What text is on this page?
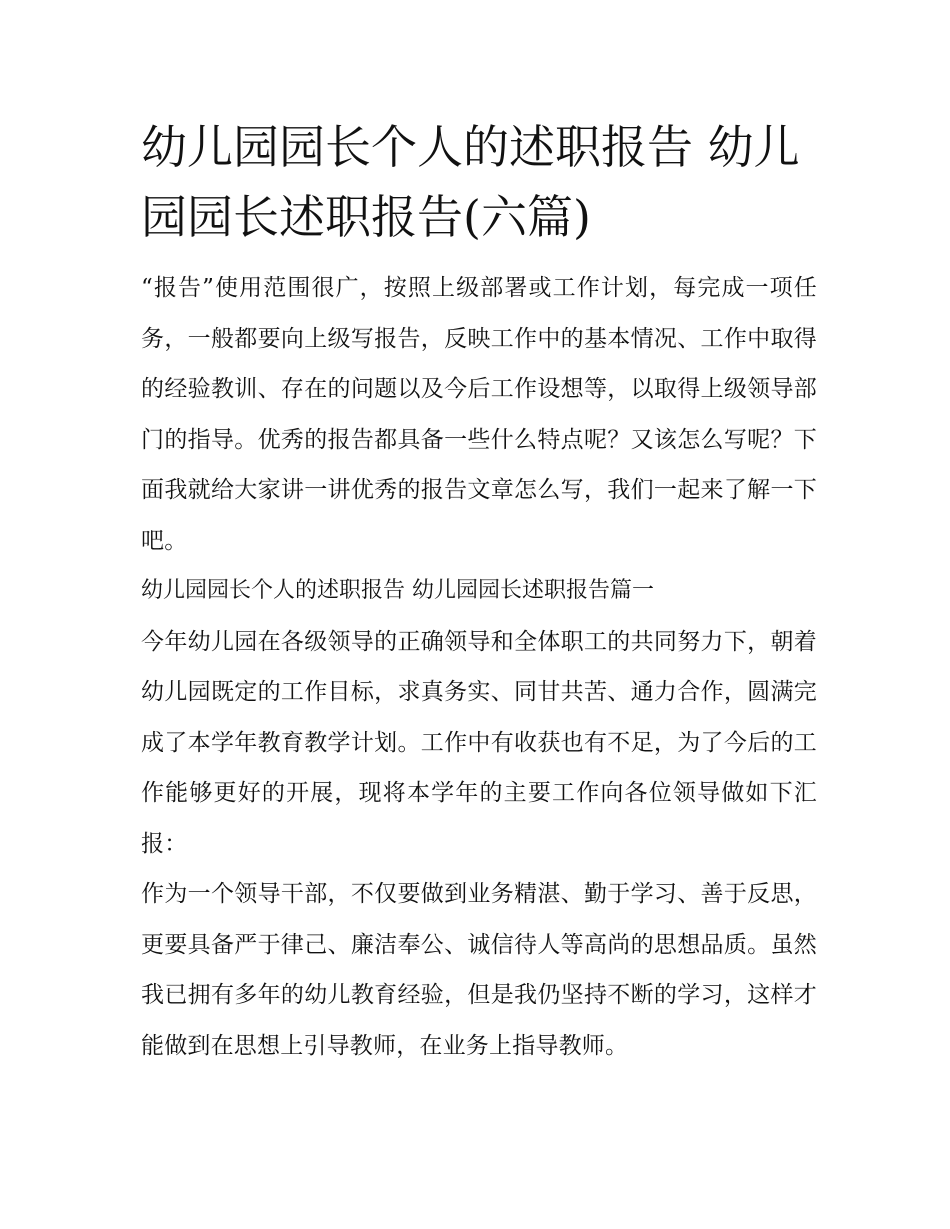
幼儿园园长个人的述职报告 幼儿园园长述职报告(六篇)

“报告”使用范围很广，按照上级部署或工作计划，每完成一项任务，一般都要向上级写报告，反映工作中的基本情况、工作中取得的经验教训、存在的问题以及今后工作设想等，以取得上级领导部门的指导。优秀的报告都具备一些什么特点呢？又该怎么写呢？下面我就给大家讲一讲优秀的报告文章怎么写，我们一起来了解一下吧。

幼儿园园长个人的述职报告 幼儿园园长述职报告篇一

今年幼儿园在各级领导的正确领导和全体职工的共同努力下，朝着幼儿园既定的工作目标，求真务实、同甘共苦、通力合作，圆满完成了本学年教育教学计划。工作中有收获也有不足，为了今后的工作能够更好的开展，现将本学年的主要工作向各位领导做如下汇报：

作为一个领导干部，不仅要做到业务精湛、勤于学习、善于反思，更要具备严于律己、廉洁奉公、诚信待人等高尚的思想品质。虽然我已拥有多年的幼儿教育经验，但是我仍坚持不断的学习，这样才能做到在思想上引导教师，在业务上指导教师。
